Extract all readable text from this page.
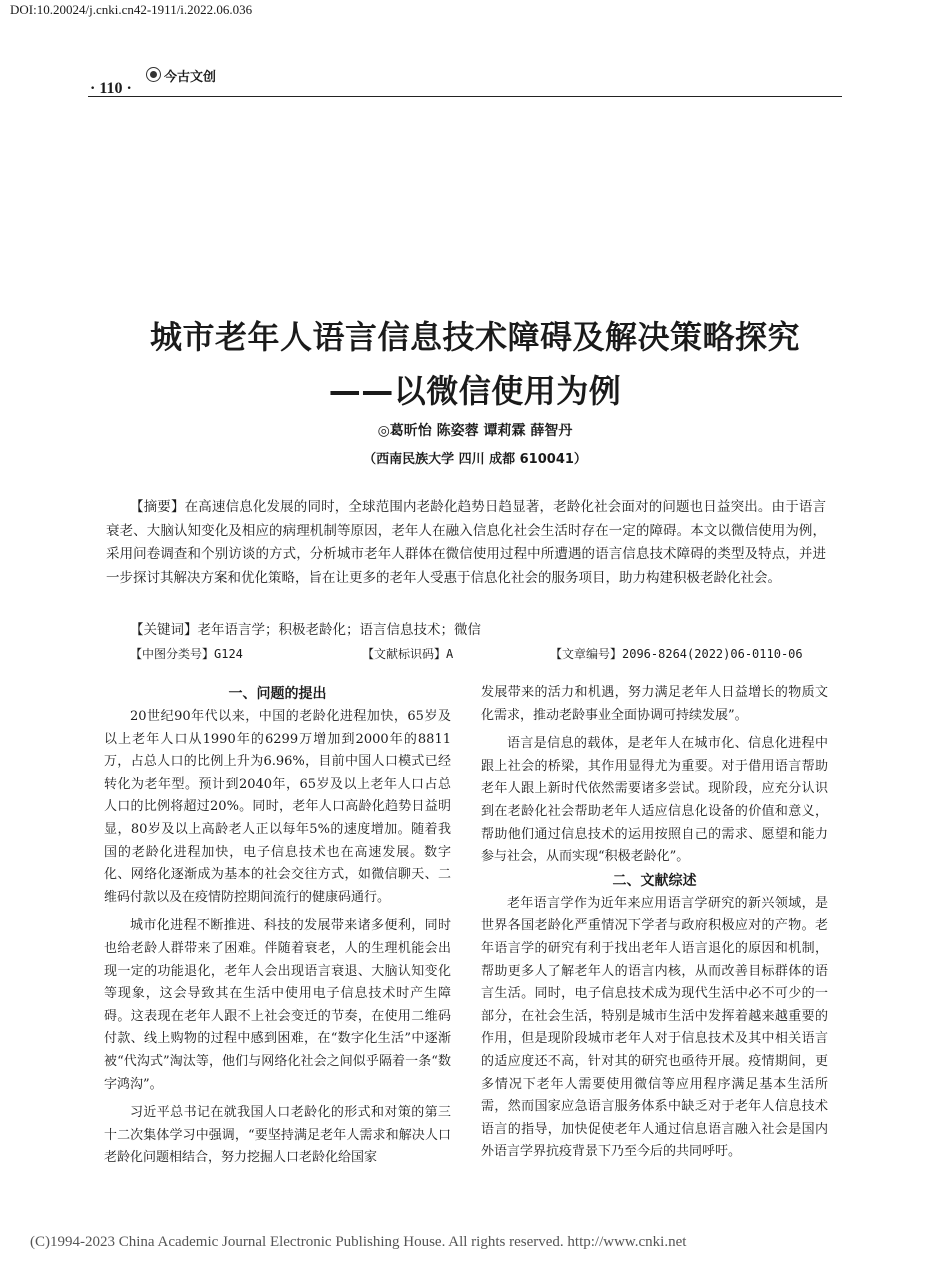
DOI:10.20024/j.cnki.cn42-1911/i.2022.06.036
· 110 ·
今古文创
城市老年人语言信息技术障碍及解决策略探究
——以微信使用为例
◎葛昕怡 陈姿蓉 谭莉霖 薛智丹
（西南民族大学 四川 成都 610041）

【摘要】在高速信息化发展的同时，全球范围内老龄化趋势日趋显著，老龄化社会面对的问题也日益突出。由于语言衰老、大脑认知变化及相应的病理机制等原因，老年人在融入信息化社会生活时存在一定的障碍。本文以微信使用为例，采用问卷调查和个别访谈的方式，分析城市老年人群体在微信使用过程中所遭遇的语言信息技术障碍的类型及特点，并进一步探讨其解决方案和优化策略，旨在让更多的老年人受惠于信息化社会的服务项目，助力构建积极老龄化社会。

【关键词】老年语言学；积极老龄化；语言信息技术；微信
【中图分类号】G124	【文献标识码】A	【文章编号】2096-8264(2022)06-0110-06
一、问题的提出

20世纪90年代以来，中国的老龄化进程加快，65岁及以上老年人口从1990年的6299万增加到2000年的8811万，占总人口的比例上升为6.96%，目前中国人口模式已经转化为老年型。预计到2040年，65岁及以上老年人口占总人口的比例将超过20%。同时，老年人口高龄化趋势日益明显，80岁及以上高龄老人正以每年5%的速度增加。随着我国的老龄化进程加快，电子信息技术也在高速发展。数字化、网络化逐渐成为基本的社会交往方式，如微信聊天、二维码付款以及在疫情防控期间流行的健康码通行。

城市化进程不断推进、科技的发展带来诸多便利，同时也给老龄人群带来了困难。伴随着衰老，人的生理机能会出现一定的功能退化，老年人会出现语言衰退、大脑认知变化等现象，这会导致其在生活中使用电子信息技术时产生障碍。这表现在老年人跟不上社会变迁的节奏，在使用二维码付款、线上购物的过程中感到困难，在“数字化生活”中逐渐被“代沟式”淘汰等，他们与网络化社会之间似乎隔着一条“数字鸿沟”。

习近平总书记在就我国人口老龄化的形式和对策的第三十二次集体学习中强调，“要坚持满足老年人需求和解决人口老龄化问题相结合，努力挖掘人口老龄化给国家

发展带来的活力和机遇，努力满足老年人日益增长的物质文化需求，推动老龄事业全面协调可持续发展”。

语言是信息的载体，是老年人在城市化、信息化进程中跟上社会的桥梁，其作用显得尤为重要。对于借用语言帮助老年人跟上新时代依然需要诸多尝试。现阶段，应充分认识到在老龄化社会帮助老年人适应信息化设备的价值和意义，帮助他们通过信息技术的运用按照自己的需求、愿望和能力参与社会，从而实现“积极老龄化”。

二、文献综述

老年语言学作为近年来应用语言学研究的新兴领域，是世界各国老龄化严重情况下学者与政府积极应对的产物。老年语言学的研究有利于找出老年人语言退化的原因和机制，帮助更多人了解老年人的语言内核，从而改善目标群体的语言生活。同时，电子信息技术成为现代生活中必不可少的一部分，在社会生活，特别是城市生活中发挥着越来越重要的作用，但是现阶段城市老年人对于信息技术及其中相关语言的适应度还不高，针对其的研究也亟待开展。疫情期间，更多情况下老年人需要使用微信等应用程序满足基本生活所需，然而国家应急语言服务体系中缺乏对于老年人信息技术语言的指导，加快促使老年人通过信息语言融入社会是国内外语言学界抗疫背景下乃至今后的共同呼吁。

(C)1994-2023 China Academic Journal Electronic Publishing House. All rights reserved. http://www.cnki.net
